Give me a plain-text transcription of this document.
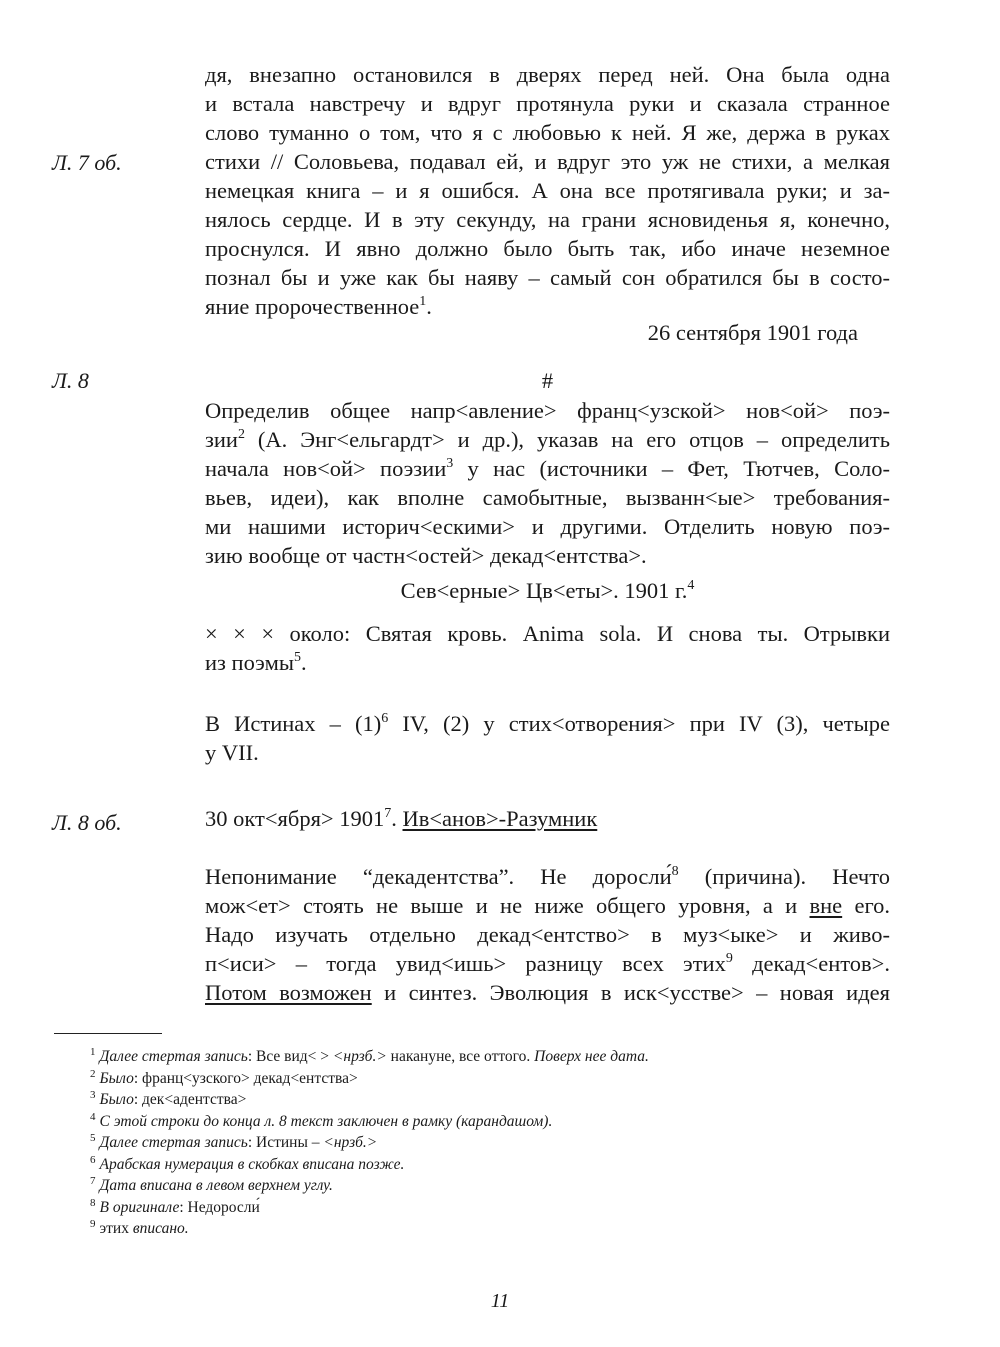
Л. 7 об.
Л. 8
Л. 8 об.
дя, внезапно остановился в дверях перед ней. Она была одна
и встала навстречу и вдруг протянула руки и сказала странное
слово туманно о том, что я с любовью к ней. Я же, держа в руках
стихи // Соловьева, подавал ей, и вдруг это уж не стихи, а мелкая
немецкая книга – и я ошибся. А она все протягивала руки; и за-
нялось сердце. И в эту секунду, на грани ясновиденья я, конечно,
проснулся. И явно должно было быть так, ибо иначе неземное
познал бы и уже как бы наяву – самый сон обратился бы в состо-
яние пророчественное$^1$.
26 сентября 1901 года
#
Определив общее напр<авление> франц<узской> нов<ой> поэ-
зии$^2$ (А. Энг<ельгардт> и др.), указав на его отцов – определить
начала нов<ой> поэзии$^3$ у нас (источники – Фет, Тютчев, Соло-
вьев, идеи), как вполне самобытные, вызванн<ые> требования-
ми нашими историч<ескими> и другими. Отделить новую поэ-
зию вообще от частн<остей> декад<ентства>.
Сев<ерные> Цв<еты>. 1901 г.$^4$
× × × около: Святая кровь. Anima sola. И снова ты. Отрывки
из поэмы$^5$.
В Истинах – $(1)^6$ IV, (2) у стих<отворения> при IV (3), четыре
у VII.
30 окт<ября> $1901^7$. Ив<анов>-Разумник
Непонимание “декадентства”. Не доросли́$^8$ (причина). Нечто
мож<ет> стоять не выше и не ниже общего уровня, а и вне его.
Надо изучать отдельно декад<ентство> в муз<ыке> и живо-
п<иси> – тогда увид<ишь> разницу всех этих$^9$ декад<ентов>.
Потом возможен и синтез. Эволюция в иск<усстве> – новая идея
$^1$ Далее стертая запись: Все вид< > <нрзб.> накануне, все оттого. Поверх нее дата.
$^2$ Было: франц<узского> декад<ентства>
$^3$ Было: дек<адентства>
$^4$ С этой строки до конца л. 8 текст заключен в рамку (карандашом).
$^5$ Далее стертая запись: Истины – <нрзб.>
$^6$ Арабская нумерация в скобках вписана позже.
$^7$ Дата вписана в левом верхнем углу.
$^8$ В оригинале: Недоросли́
$^9$ этих вписано.
11
